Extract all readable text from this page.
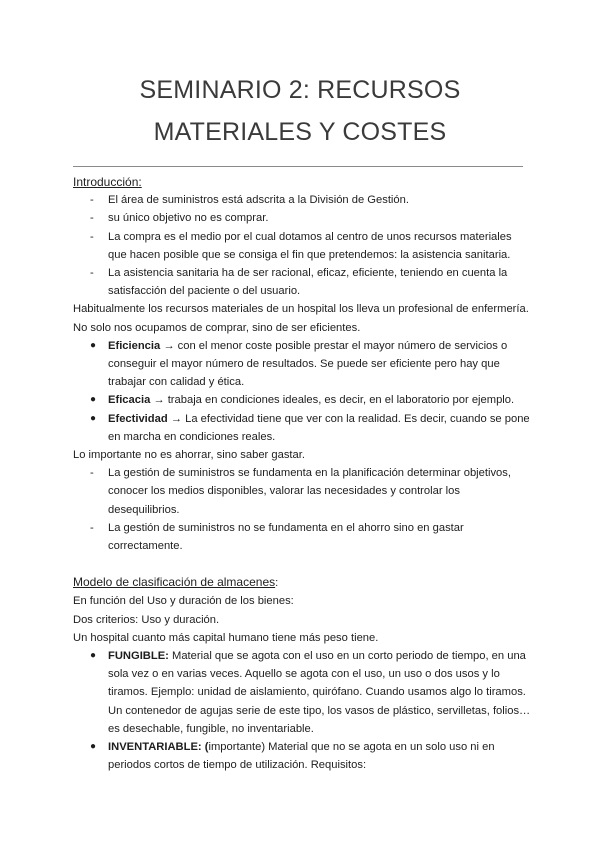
SEMINARIO 2: RECURSOS
MATERIALES Y COSTES
Introducción:
- El área de suministros está adscrita a la División de Gestión.
- su único objetivo no es comprar.
- La compra es el medio por el cual dotamos al centro de unos recursos materiales que hacen posible que se consiga el fin que pretendemos: la asistencia sanitaria.
- La asistencia sanitaria ha de ser racional, eficaz, eficiente, teniendo en cuenta la satisfacción del paciente o del usuario.
Habitualmente los recursos materiales de un hospital los lleva un profesional de enfermería.
No solo nos ocupamos de comprar, sino de ser eficientes.
● Eficiencia → con el menor coste posible prestar el mayor número de servicios o conseguir el mayor número de resultados. Se puede ser eficiente pero hay que trabajar con calidad y ética.
● Eficacia → trabaja en condiciones ideales, es decir, en el laboratorio por ejemplo.
● Efectividad → La efectividad tiene que ver con la realidad. Es decir, cuando se pone en marcha en condiciones reales.
Lo importante no es ahorrar, sino saber gastar.
- La gestión de suministros se fundamenta en la planificación determinar objetivos, conocer los medios disponibles, valorar las necesidades y controlar los desequilibrios.
- La gestión de suministros no se fundamenta en el ahorro sino en gastar correctamente.
Modelo de clasificación de almacenes:
En función del Uso y duración de los bienes:
Dos criterios: Uso y duración.
Un hospital cuanto más capital humano tiene más peso tiene.
● FUNGIBLE: Material que se agota con el uso en un corto periodo de tiempo, en una sola vez o en varias veces. Aquello se agota con el uso, un uso o dos usos y lo tiramos. Ejemplo: unidad de aislamiento, quirófano. Cuando usamos algo lo tiramos. Un contenedor de agujas serie de este tipo, los vasos de plástico, servilletas, folios… es desechable, fungible, no inventariable.
● INVENTARIABLE: (importante) Material que no se agota en un solo uso ni en periodos cortos de tiempo de utilización. Requisitos:
